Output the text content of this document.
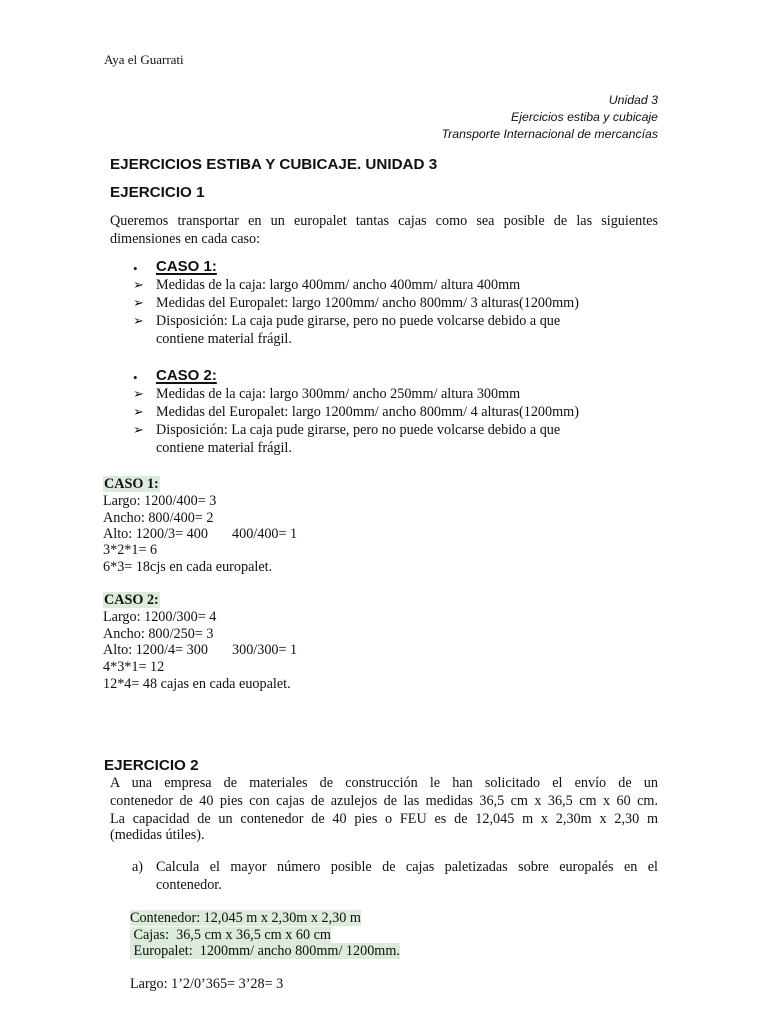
Aya el Guarrati
Unidad 3
Ejercicios estiba y cubicaje
Transporte Internacional de mercancías
EJERCICIOS ESTIBA Y CUBICAJE. UNIDAD 3
EJERCICIO 1
Queremos transportar en un europalet tantas cajas como sea posible de las siguientes
dimensiones en cada caso:
• CASO 1:
➢ Medidas de la caja: largo 400mm/ ancho 400mm/ altura 400mm
➢ Medidas del Europalet: largo 1200mm/ ancho 800mm/ 3 alturas(1200mm)
➢ Disposición: La caja pude girarse, pero no puede volcarse debido a que
contiene material frágil.
• CASO 2:
➢ Medidas de la caja: largo 300mm/ ancho 250mm/ altura 300mm
➢ Medidas del Europalet: largo 1200mm/ ancho 800mm/ 4 alturas(1200mm)
➢ Disposición: La caja pude girarse, pero no puede volcarse debido a que
contiene material frágil.
CASO 1:
Largo: 1200/400= 3
Ancho: 800/400= 2
Alto: 1200/3= 400 400/400= 1
3*2*1= 6
6*3= 18cjs en cada europalet.
CASO 2:
Largo: 1200/300= 4
Ancho: 800/250= 3
Alto: 1200/4= 300 300/300= 1
4*3*1= 12
12*4= 48 cajas en cada euopalet.
EJERCICIO 2
A una empresa de materiales de construcción le han solicitado el envío de un
contenedor de 40 pies con cajas de azulejos de las medidas 36,5 cm x 36,5 cm x 60 cm.
La capacidad de un contenedor de 40 pies o FEU es de 12,045 m x 2,30m x 2,30 m
(medidas útiles).
a) Calcula el mayor número posible de cajas paletizadas sobre europalés en el
contenedor.
Contenedor: 12,045 m x 2,30m x 2,30 m
Cajas:  36,5 cm x 36,5 cm x 60 cm
Europalet:  1200mm/ ancho 800mm/ 1200mm.
Largo: 1’2/0’365= 3’28= 3
